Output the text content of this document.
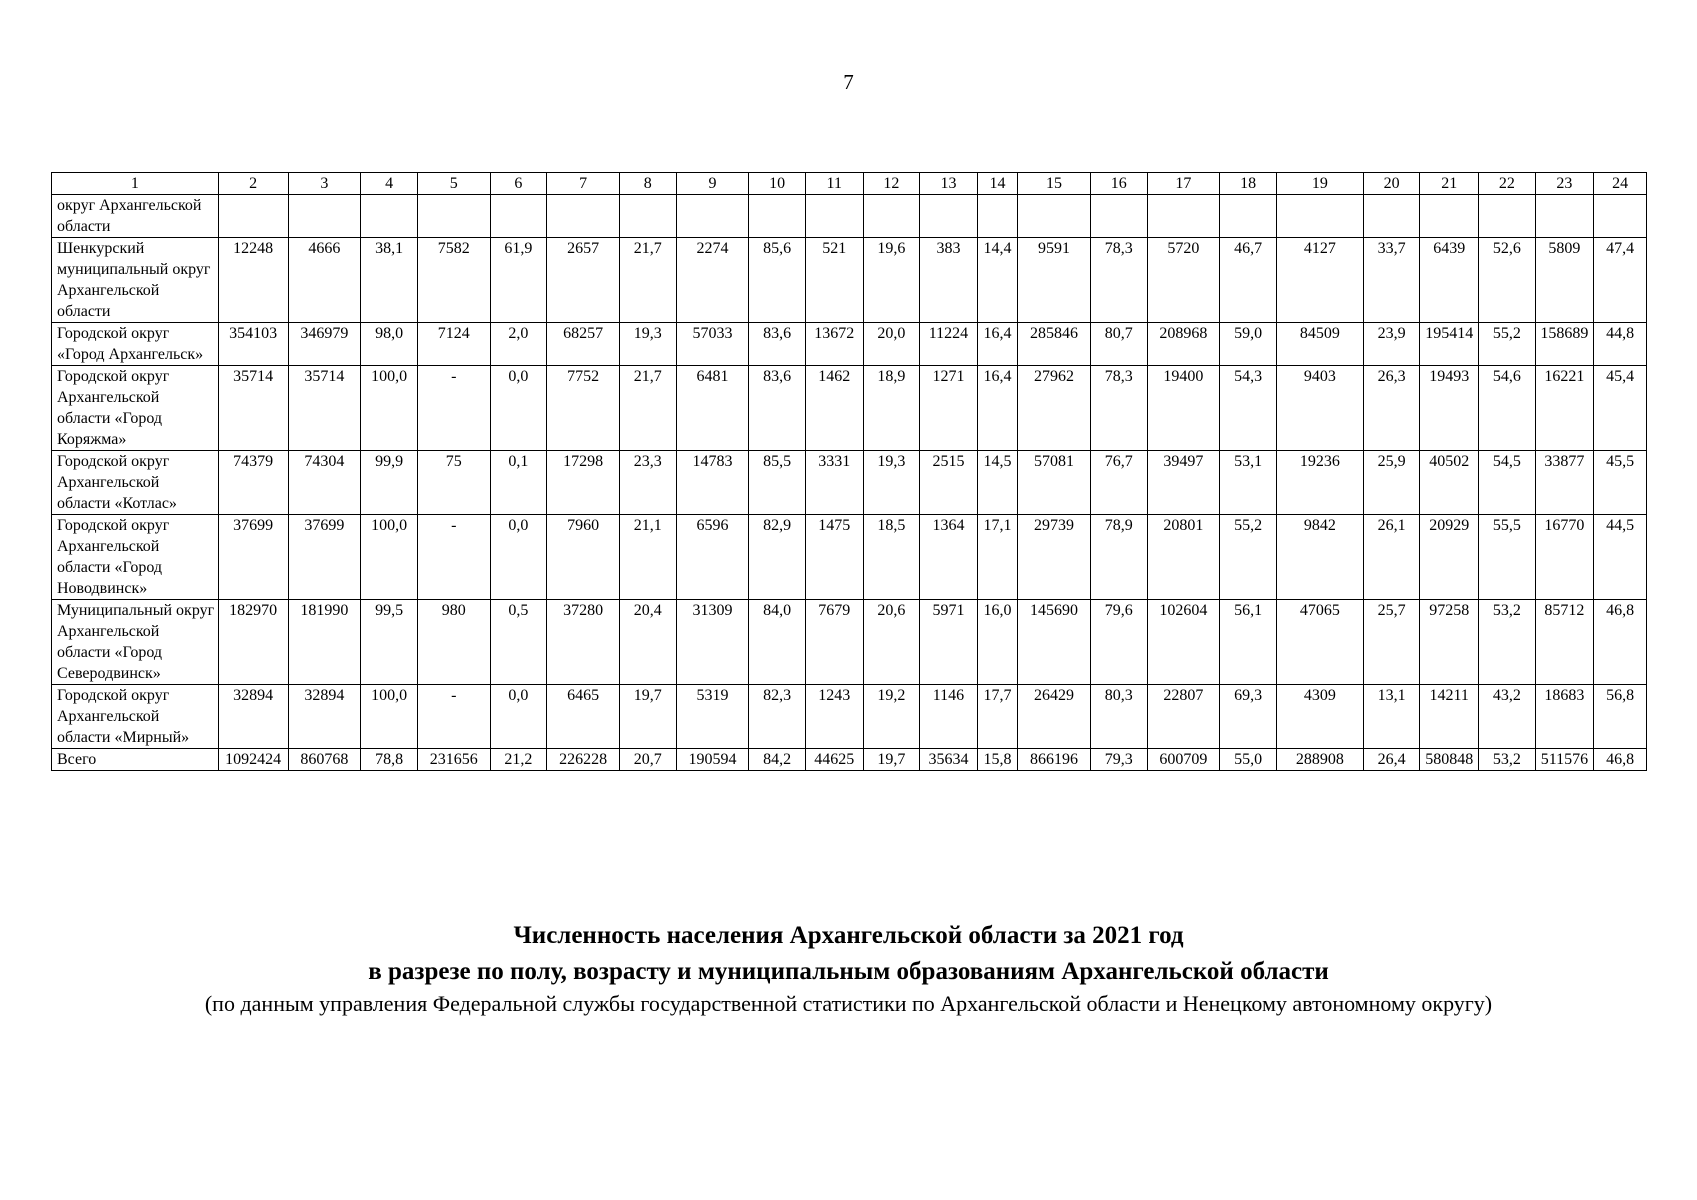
7
1	2	3	4	5	6	7	8	9	10	11	12	13	14	15	16	17	18	19	20	21	22	23	24
округ Архангельской области																							
Шенкурский муниципальный округ Архангельской области	12248	4666	38,1	7582	61,9	2657	21,7	2274	85,6	521	19,6	383	14,4	9591	78,3	5720	46,7	4127	33,7	6439	52,6	5809	47,4
Городской округ «Город Архангельск»	354103	346979	98,0	7124	2,0	68257	19,3	57033	83,6	13672	20,0	11224	16,4	285846	80,7	208968	59,0	84509	23,9	195414	55,2	158689	44,8
Городской округ Архангельской области «Город Коряжма»	35714	35714	100,0	-	0,0	7752	21,7	6481	83,6	1462	18,9	1271	16,4	27962	78,3	19400	54,3	9403	26,3	19493	54,6	16221	45,4
Городской округ Архангельской области «Котлас»	74379	74304	99,9	75	0,1	17298	23,3	14783	85,5	3331	19,3	2515	14,5	57081	76,7	39497	53,1	19236	25,9	40502	54,5	33877	45,5
Городской округ Архангельской области «Город Новодвинск»	37699	37699	100,0	-	0,0	7960	21,1	6596	82,9	1475	18,5	1364	17,1	29739	78,9	20801	55,2	9842	26,1	20929	55,5	16770	44,5
Муниципальный округ Архангельской области «Город Северодвинск»	182970	181990	99,5	980	0,5	37280	20,4	31309	84,0	7679	20,6	5971	16,0	145690	79,6	102604	56,1	47065	25,7	97258	53,2	85712	46,8
Городской округ Архангельской области «Мирный»	32894	32894	100,0	-	0,0	6465	19,7	5319	82,3	1243	19,2	1146	17,7	26429	80,3	22807	69,3	4309	13,1	14211	43,2	18683	56,8
Всего	1092424	860768	78,8	231656	21,2	226228	20,7	190594	84,2	44625	19,7	35634	15,8	866196	79,3	600709	55,0	288908	26,4	580848	53,2	511576	46,8
Численность населения Архангельской области за 2021 год
в разрезе по полу, возрасту и муниципальным образованиям Архангельской области
(по данным управления Федеральной службы государственной статистики по Архангельской области и Ненецкому автономному округу)
